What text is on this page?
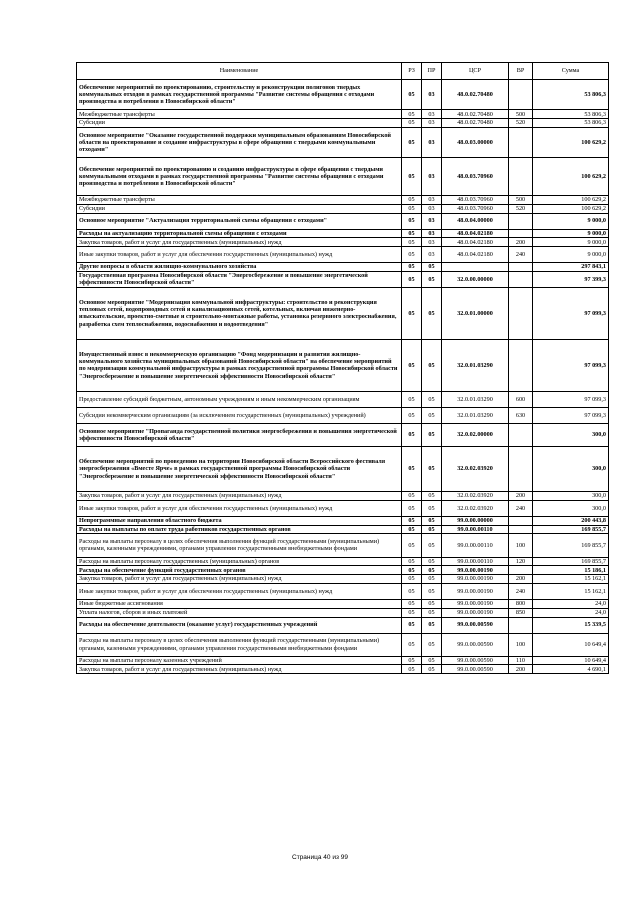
Наименование	РЗ	ПР	ЦСР	ВР	Сумма
Обеспечение мероприятий по проектированию, строительству и реконструкции полигонов твердых коммунальных отходов в рамках государственной программы "Развитие системы обращения с отходами производства и потребления в Новосибирской области"	05	03	48.0.02.70480		53 806,3
Межбюджетные трансферты	05	03	48.0.02.70480	500	53 806,3
Субсидии	05	03	48.0.02.70480	520	53 806,3
Основное мероприятие "Оказание государственной поддержки муниципальным образованиям Новосибирской области на проектирование и создание инфраструктуры в сфере обращения с твердыми коммунальными отходами"	05	03	48.0.03.00000		100 629,2
Обеспечение мероприятий по проектированию и созданию инфраструктуры в сфере обращения с твердыми коммунальными отходами в рамках государственной программы "Развитие системы обращения с отходами производства и потребления в Новосибирской области"	05	03	48.0.03.70960		100 629,2
Межбюджетные трансферты	05	03	48.0.03.70960	500	100 629,2
Субсидии	05	03	48.0.03.70960	520	100 629,2
Основное мероприятие "Актуализация территориальной схемы обращения с отходами"	05	03	48.0.04.00000		9 000,0
Расходы на актуализацию территориальной схемы обращения с отходами	05	03	48.0.04.02180		9 000,0
Закупка товаров, работ и услуг для государственных (муниципальных) нужд	05	03	48.0.04.02180	200	9 000,0
Иные закупки товаров, работ и услуг для обеспечения государственных (муниципальных) нужд	05	03	48.0.04.02180	240	9 000,0
Другие вопросы в области жилищно-коммунального хозяйства	05	05			297 843,1
Государственная программа Новосибирской области "Энергосбережение и повышение энергетической эффективности Новосибирской области"	05	05	32.0.00.00000		97 399,3
Основное мероприятие "Модернизация коммунальной инфраструктуры: строительство и реконструкция тепловых сетей, водопроводных сетей и канализационных сетей, котельных, включая инженерно-изыскательские, проектно-сметные и строительно-монтажные работы, установка резервного электроснабжения, разработка схем теплоснабжения, водоснабжения и водоотведения"	05	05	32.0.01.00000		97 099,3
Имущественный взнос в некоммерческую организацию "Фонд модернизации и развития жилищно-коммунального хозяйства муниципальных образований Новосибирской области" на обеспечение мероприятий по модернизации коммунальной инфраструктуры в рамках государственной программы Новосибирской области "Энергосбережение и повышение энергетической эффективности Новосибирской области"	05	05	32.0.01.03290		97 099,3
Предоставление субсидий бюджетным, автономным учреждениям и иным некоммерческим организациям	05	05	32.0.01.03290	600	97 099,3
Субсидии некоммерческим организациям (за исключением государственных (муниципальных) учреждений)	05	05	32.0.01.03290	630	97 099,3
Основное мероприятие "Пропаганда государственной политики энергосбережения и повышения энергетической эффективности Новосибирской области"	05	05	32.0.02.00000		300,0
Обеспечение мероприятий по проведению на территории Новосибирской области Всероссийского фестиваля энергосбережения «Вместе Ярче» в рамках государственной программы Новосибирской области "Энергосбережение и повышение энергетической эффективности Новосибирской области"	05	05	32.0.02.03920		300,0
Закупка товаров, работ и услуг для государственных (муниципальных) нужд	05	05	32.0.02.03920	200	300,0
Иные закупки товаров, работ и услуг для обеспечения государственных (муниципальных) нужд	05	05	32.0.02.03920	240	300,0
Непрограммные направления областного бюджета	05	05	99.0.00.00000		200 443,8
Расходы на выплаты по оплате труда работников государственных органов	05	05	99.0.00.00110		169 855,7
Расходы на выплаты персоналу в целях обеспечения выполнения функций государственными (муниципальными) органами, казенными учреждениями, органами управления государственными внебюджетными фондами	05	05	99.0.00.00110	100	169 855,7
Расходы на выплаты персоналу государственных (муниципальных) органов	05	05	99.0.00.00110	120	169 855,7
Расходы на обеспечение функций государственных органов	05	05	99.0.00.00190		15 186,1
Закупка товаров, работ и услуг для государственных (муниципальных) нужд	05	05	99.0.00.00190	200	15 162,1
Иные закупки товаров, работ и услуг для обеспечения государственных (муниципальных) нужд	05	05	99.0.00.00190	240	15 162,1
Иные бюджетные ассигнования	05	05	99.0.00.00190	800	24,0
Уплата налогов, сборов и иных платежей	05	05	99.0.00.00190	850	24,0
Расходы на обеспечение деятельности (оказание услуг) государственных учреждений	05	05	99.0.00.00590		15 339,5
Расходы на выплаты персоналу в целях обеспечения выполнения функций государственными (муниципальными) органами, казенными учреждениями, органами управления государственными внебюджетными фондами	05	05	99.0.00.00590	100	10 649,4
Расходы на выплаты персоналу казенных учреждений	05	05	99.0.00.00590	110	10 649,4
Закупка товаров, работ и услуг для государственных (муниципальных) нужд	05	05	99.0.00.00590	200	4 690,1
Страница 40 из 99
